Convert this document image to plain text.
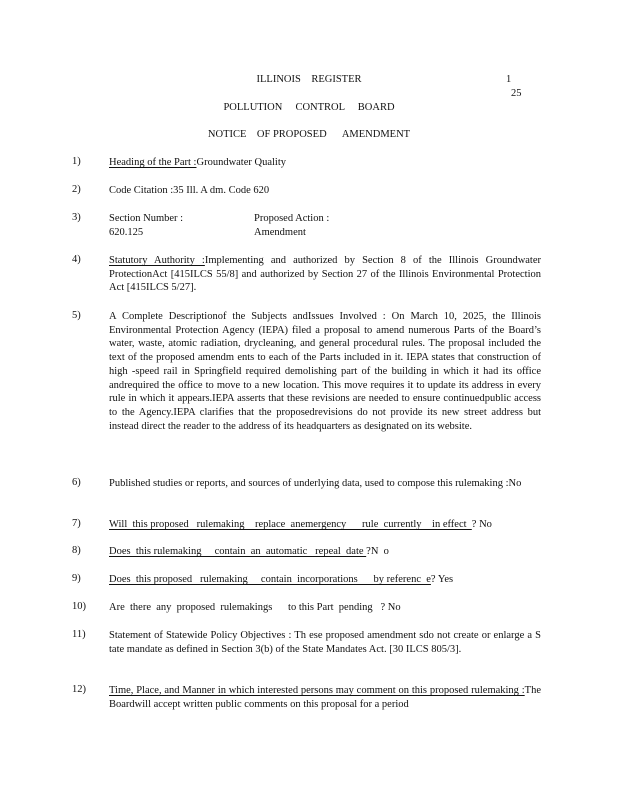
ILLINOIS    REGISTER	1
25
POLLUTION     CONTROL     BOARD
NOTICE    OF PROPOSED      AMENDMENT
1)	Heading of the Part :Groundwater Quality
2)	Code Citation :35 Ill. A dm. Code 620
3)	Section Number :
620.125
Proposed Action :
Amendment
4)	Statutory Authority :Implementing and authorized by Section 8 of the Illinois Groundwater ProtectionAct [415ILCS 55/8] and authorized by Section 27 of the Illinois Environmental Protection Act [415ILCS 5/27].
5)	A Complete Descriptionof the Subjects andIssues Involved : On March 10, 2025, the Illinois Environmental Protection Agency (IEPA) filed a proposal to amend numerous Parts of the Board’s water, waste, atomic radiation, drycleaning, and general procedural rules. The proposal included the text of the proposed amendm ents to each of the Parts included in it. IEPA states that construction of high -speed rail in Springfield required demolishing part of the building in which it had its office andrequired the office to move to a new location. This move requires it to update its address in every rule in which it appears.IEPA asserts that these revisions are needed to ensure continuedpublic access to the Agency.IEPA clarifies that the proposedrevisions do not provide its new street address but instead direct the reader to the address of its headquarters as designated on its website.
6)	Published studies or reports, and sources of underlying data, used to compose this rulemaking :No
7)	Will  this proposed   rulemaking    replace  anemergency      rule  currently    in effect  ? No
8)	Does  this rulemaking     contain  an  automatic   repeal  date ?N  o
9)	Does  this proposed   rulemaking     contain  incorporations      by referenc  e? Yes
10)	Are  there  any  proposed  rulemakings      to this Part  pending   ? No
11)	Statement of Statewide Policy Objectives : Th ese proposed amendment sdo not create or enlarge a S tate mandate as defined in Section 3(b) of the State Mandates Act. [30 ILCS 805/3].
12)	Time, Place, and Manner in which interested persons may comment on this proposed rulemaking :The Boardwill accept written public comments on this proposal for a period
